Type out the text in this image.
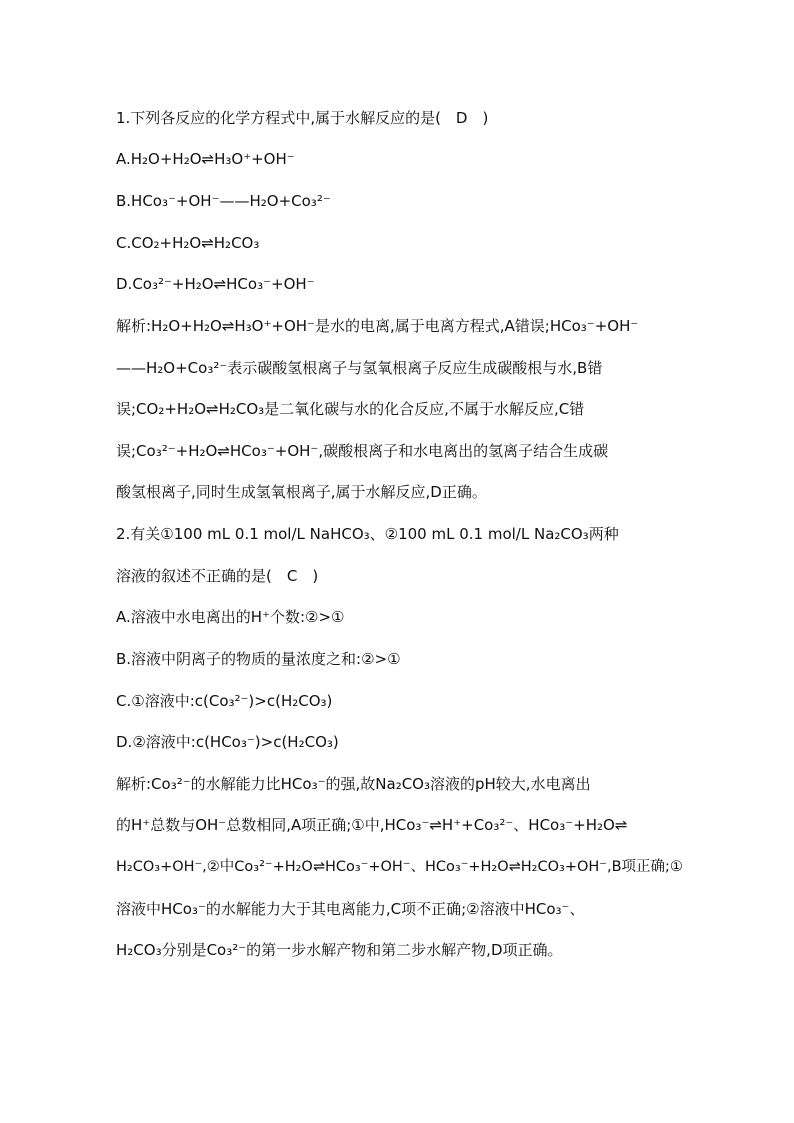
1.下列各反应的化学方程式中,属于水解反应的是(　D　)
A.H₂O+H₂O⇌H₃O⁺+OH⁻
B.HCo₃⁻+OH⁻——H₂O+Co₃²⁻
C.CO₂+H₂O⇌H₂CO₃
D.Co₃²⁻+H₂O⇌HCo₃⁻+OH⁻
解析:H₂O+H₂O⇌H₃O⁺+OH⁻是水的电离,属于电离方程式,A错误;HCo₃⁻+OH⁻
——H₂O+Co₃²⁻表示碳酸氢根离子与氢氧根离子反应生成碳酸根与水,B错
误;CO₂+H₂O⇌H₂CO₃是二氧化碳与水的化合反应,不属于水解反应,C错
误;Co₃²⁻+H₂O⇌HCo₃⁻+OH⁻,碳酸根离子和水电离出的氢离子结合生成碳
酸氢根离子,同时生成氢氧根离子,属于水解反应,D正确。
2.有关①100 mL 0.1 mol/L NaHCO₃、②100 mL 0.1 mol/L Na₂CO₃两种
溶液的叙述不正确的是(　C　)
A.溶液中水电离出的H⁺个数:②>①
B.溶液中阴离子的物质的量浓度之和:②>①
C.①溶液中:c(Co₃²⁻)>c(H₂CO₃)
D.②溶液中:c(HCo₃⁻)>c(H₂CO₃)
解析:Co₃²⁻的水解能力比HCo₃⁻的强,故Na₂CO₃溶液的pH较大,水电离出
的H⁺总数与OH⁻总数相同,A项正确;①中,HCo₃⁻⇌H⁺+Co₃²⁻、HCo₃⁻+H₂O⇌
H₂CO₃+OH⁻,②中Co₃²⁻+H₂O⇌HCo₃⁻+OH⁻、HCo₃⁻+H₂O⇌H₂CO₃+OH⁻,B项正确;①
溶液中HCo₃⁻的水解能力大于其电离能力,C项不正确;②溶液中HCo₃⁻、
H₂CO₃分别是Co₃²⁻的第一步水解产物和第二步水解产物,D项正确。
